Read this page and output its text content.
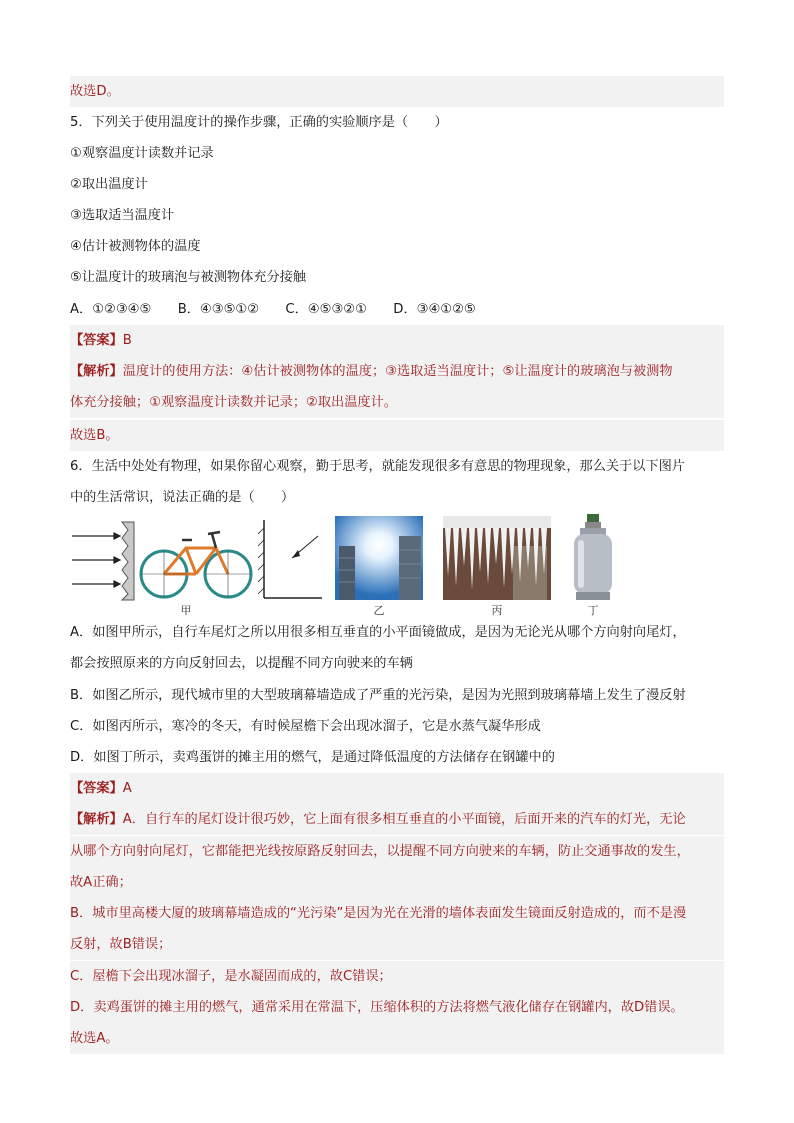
故选D。
5．下列关于使用温度计的操作步骤，正确的实验顺序是（　　）
①观察温度计读数并记录
②取出温度计
③选取适当温度计
④估计被测物体的温度
⑤让温度计的玻璃泡与被测物体充分接触
A．①②③④⑤　　B．④③⑤①②　　C．④⑤③②①　　D．③④①②⑤
【答案】B
【解析】温度计的使用方法：④估计被测物体的温度；③选取适当温度计；⑤让温度计的玻璃泡与被测物
体充分接触；①观察温度计读数并记录；②取出温度计。
故选B。
6．生活中处处有物理，如果你留心观察，勤于思考，就能发现很多有意思的物理现象，那么关于以下图片
中的生活常识，说法正确的是（　　）
甲	乙	丙	丁
A．如图甲所示，自行车尾灯之所以用很多相互垂直的小平面镜做成，是因为无论光从哪个方向射向尾灯，
都会按照原来的方向反射回去，以提醒不同方向驶来的车辆
B．如图乙所示，现代城市里的大型玻璃幕墙造成了严重的光污染，是因为光照到玻璃幕墙上发生了漫反射
C．如图丙所示，寒冷的冬天，有时候屋檐下会出现冰溜子，它是水蒸气凝华形成
D．如图丁所示，卖鸡蛋饼的摊主用的燃气，是通过降低温度的方法储存在钢罐中的
【答案】A
【解析】A．自行车的尾灯设计很巧妙，它上面有很多相互垂直的小平面镜，后面开来的汽车的灯光，无论
从哪个方向射向尾灯，它都能把光线按原路反射回去，以提醒不同方向驶来的车辆，防止交通事故的发生，
故A正确；
B．城市里高楼大厦的玻璃幕墙造成的“光污染”是因为光在光滑的墙体表面发生镜面反射造成的，而不是漫
反射，故B错误；
C．屋檐下会出现冰溜子，是水凝固而成的，故C错误；
D．卖鸡蛋饼的摊主用的燃气，通常采用在常温下，压缩体积的方法将燃气液化储存在钢罐内，故D错误。
故选A。
